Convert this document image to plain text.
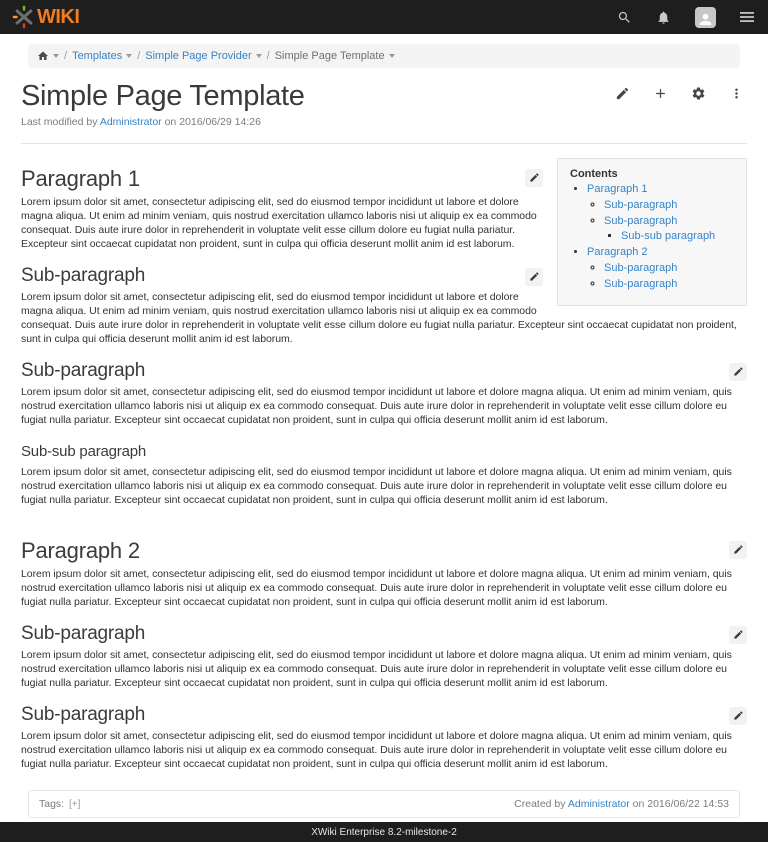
WIKI
/ Templates / Simple Page Provider / Simple Page Template
Simple Page Template
Last modified by Administrator on 2016/06/29 14:26
Contents
• Paragraph 1
◦ Sub-paragraph
◦ Sub-paragraph
▪ Sub-sub paragraph
• Paragraph 2
◦ Sub-paragraph
◦ Sub-paragraph
Paragraph 1

Lorem ipsum dolor sit amet, consectetur adipiscing elit, sed do eiusmod tempor incididunt ut labore et dolore magna aliqua. Ut enim ad minim veniam, quis nostrud exercitation ullamco laboris nisi ut aliquip ex ea commodo consequat. Duis aute irure dolor in reprehenderit in voluptate velit esse cillum dolore eu fugiat nulla pariatur. Excepteur sint occaecat cupidatat non proident, sunt in culpa qui officia deserunt mollit anim id est laborum.

Sub-paragraph

Lorem ipsum dolor sit amet, consectetur adipiscing elit, sed do eiusmod tempor incididunt ut labore et dolore magna aliqua. Ut enim ad minim veniam, quis nostrud exercitation ullamco laboris nisi ut aliquip ex ea commodo consequat. Duis aute irure dolor in reprehenderit in voluptate velit esse cillum dolore eu fugiat nulla pariatur. Excepteur sint occaecat cupidatat non proident, sunt in culpa qui officia deserunt mollit anim id est laborum.

Sub-paragraph

Lorem ipsum dolor sit amet, consectetur adipiscing elit, sed do eiusmod tempor incididunt ut labore et dolore magna aliqua. Ut enim ad minim veniam, quis nostrud exercitation ullamco laboris nisi ut aliquip ex ea commodo consequat. Duis aute irure dolor in reprehenderit in voluptate velit esse cillum dolore eu fugiat nulla pariatur. Excepteur sint occaecat cupidatat non proident, sunt in culpa qui officia deserunt mollit anim id est laborum.

Sub-sub paragraph

Lorem ipsum dolor sit amet, consectetur adipiscing elit, sed do eiusmod tempor incididunt ut labore et dolore magna aliqua. Ut enim ad minim veniam, quis nostrud exercitation ullamco laboris nisi ut aliquip ex ea commodo consequat. Duis aute irure dolor in reprehenderit in voluptate velit esse cillum dolore eu fugiat nulla pariatur. Excepteur sint occaecat cupidatat non proident, sunt in culpa qui officia deserunt mollit anim id est laborum.

Paragraph 2

Lorem ipsum dolor sit amet, consectetur adipiscing elit, sed do eiusmod tempor incididunt ut labore et dolore magna aliqua. Ut enim ad minim veniam, quis nostrud exercitation ullamco laboris nisi ut aliquip ex ea commodo consequat. Duis aute irure dolor in reprehenderit in voluptate velit esse cillum dolore eu fugiat nulla pariatur. Excepteur sint occaecat cupidatat non proident, sunt in culpa qui officia deserunt mollit anim id est laborum.

Sub-paragraph

Lorem ipsum dolor sit amet, consectetur adipiscing elit, sed do eiusmod tempor incididunt ut labore et dolore magna aliqua. Ut enim ad minim veniam, quis nostrud exercitation ullamco laboris nisi ut aliquip ex ea commodo consequat. Duis aute irure dolor in reprehenderit in voluptate velit esse cillum dolore eu fugiat nulla pariatur. Excepteur sint occaecat cupidatat non proident, sunt in culpa qui officia deserunt mollit anim id est laborum.

Sub-paragraph

Lorem ipsum dolor sit amet, consectetur adipiscing elit, sed do eiusmod tempor incididunt ut labore et dolore magna aliqua. Ut enim ad minim veniam, quis nostrud exercitation ullamco laboris nisi ut aliquip ex ea commodo consequat. Duis aute irure dolor in reprehenderit in voluptate velit esse cillum dolore eu fugiat nulla pariatur. Excepteur sint occaecat cupidatat non proident, sunt in culpa qui officia deserunt mollit anim id est laborum.

Tags: [+]	Created by Administrator on 2016/06/22 14:53
XWiki Enterprise 8.2-milestone-2
